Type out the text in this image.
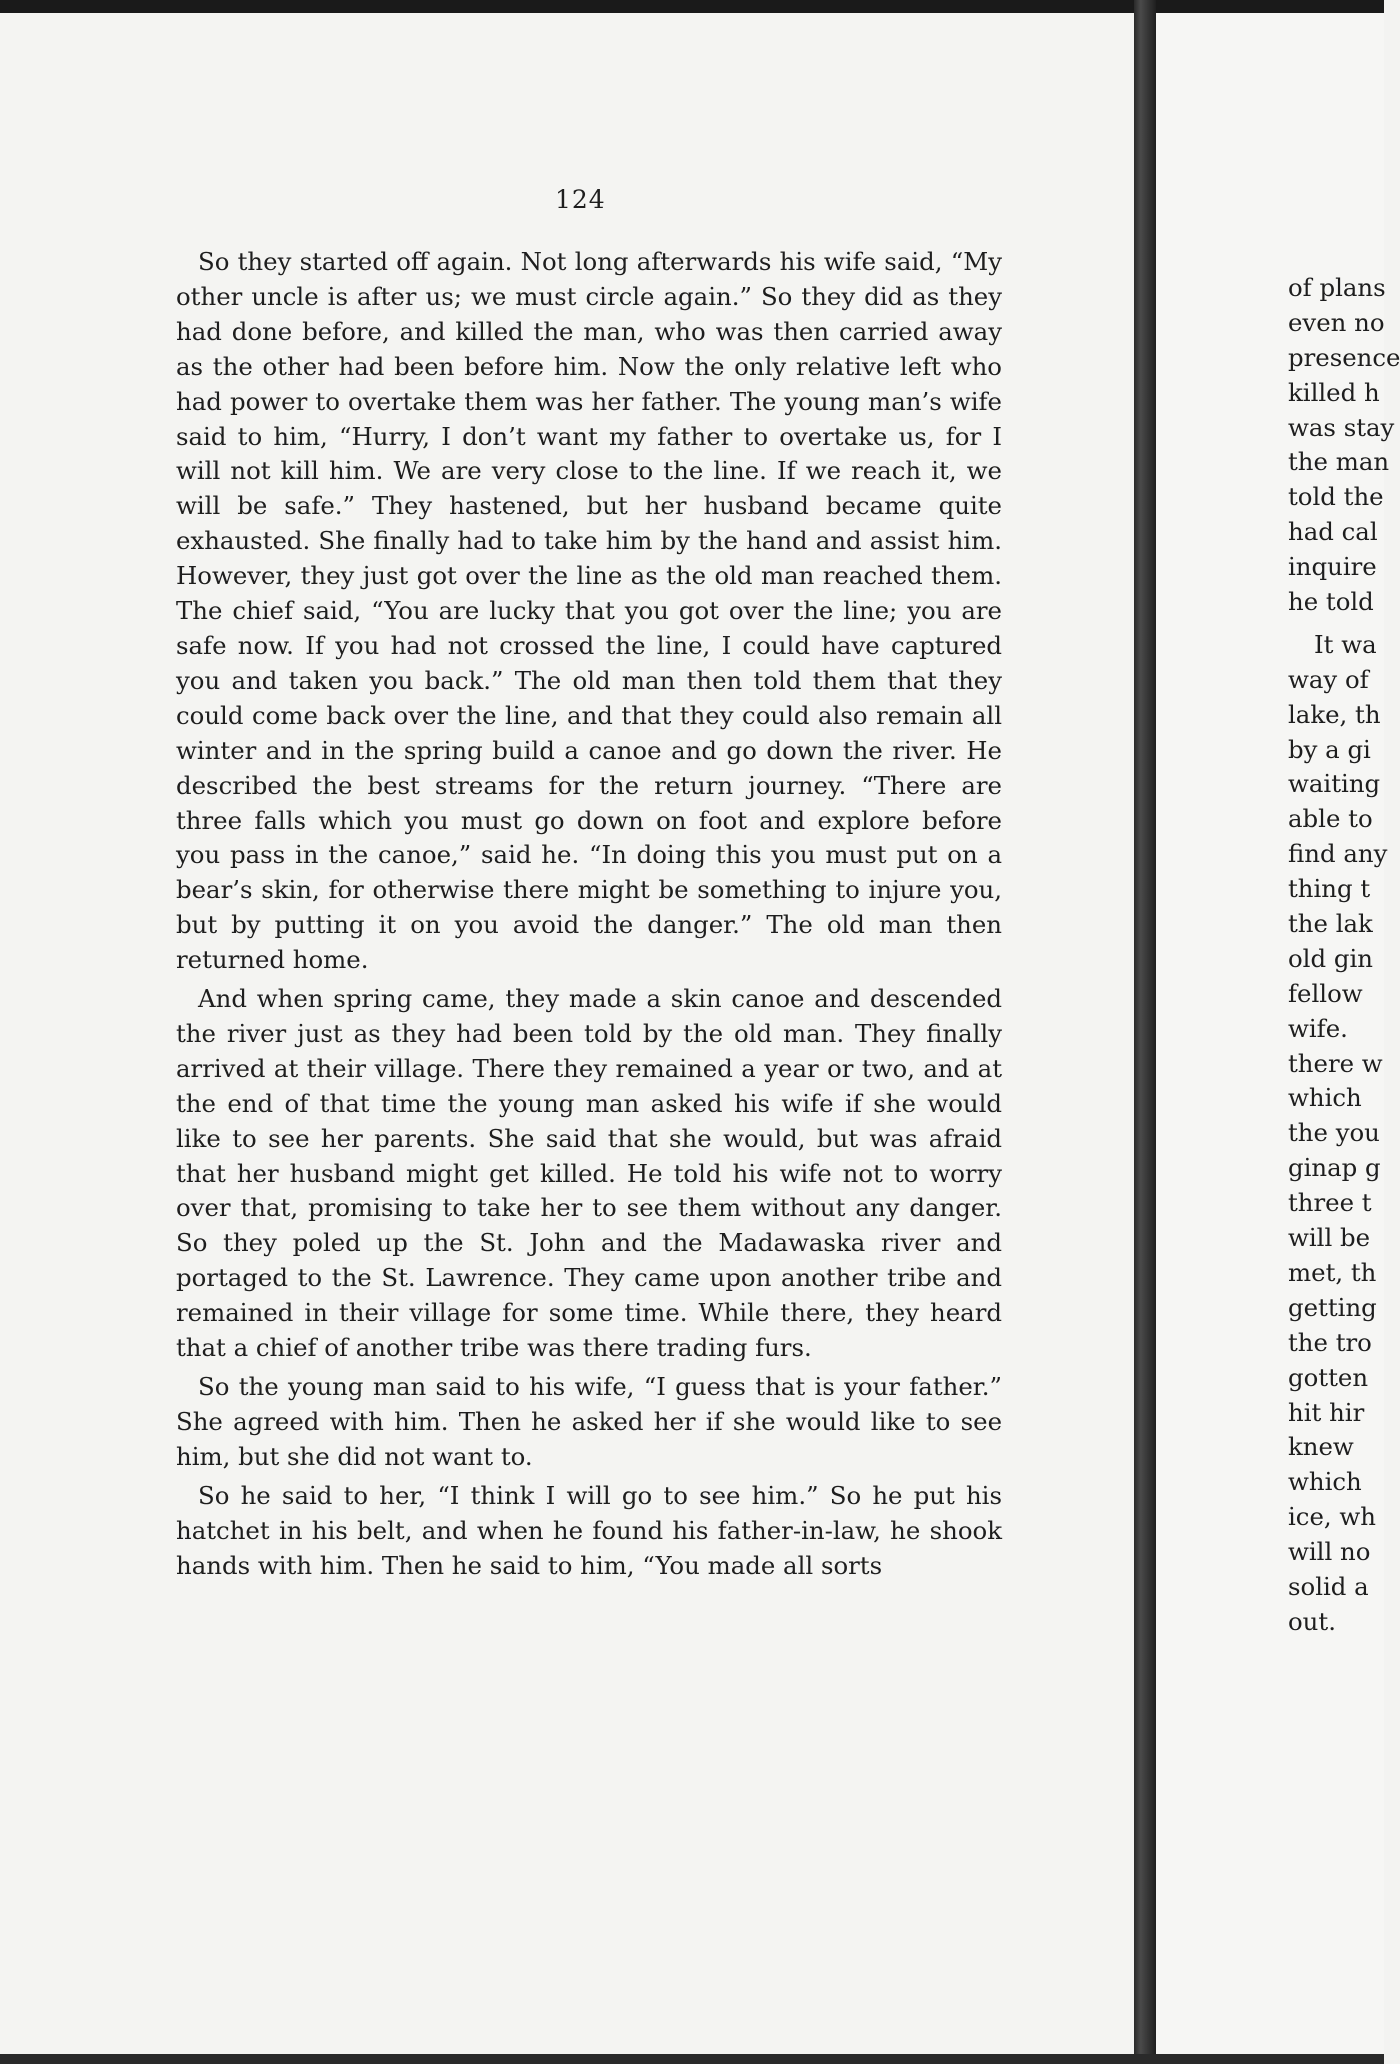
124

So they started off again. Not long afterwards his wife said, “My other uncle is after us; we must circle again.” So they did as they had done before, and killed the man, who was then carried away as the other had been before him. Now the only relative left who had power to overtake them was her father. The young man’s wife said to him, “Hurry, I don’t want my father to overtake us, for I will not kill him. We are very close to the line. If we reach it, we will be safe.” They hastened, but her husband became quite exhausted. She finally had to take him by the hand and assist him. However, they just got over the line as the old man reached them. The chief said, “You are lucky that you got over the line; you are safe now. If you had not crossed the line, I could have captured you and taken you back.” The old man then told them that they could come back over the line, and that they could also remain all winter and in the spring build a canoe and go down the river. He described the best streams for the return journey. “There are three falls which you must go down on foot and explore before you pass in the canoe,” said he. “In doing this you must put on a bear’s skin, for otherwise there might be something to injure you, but by putting it on you avoid the danger.” The old man then returned home.

And when spring came, they made a skin canoe and descended the river just as they had been told by the old man. They finally arrived at their village. There they remained a year or two, and at the end of that time the young man asked his wife if she would like to see her parents. She said that she would, but was afraid that her husband might get killed. He told his wife not to worry over that, promising to take her to see them without any danger. So they poled up the St. John and the Madawaska river and portaged to the St. Lawrence. They came upon another tribe and remained in their village for some time. While there, they heard that a chief of another tribe was there trading furs.

So the young man said to his wife, “I guess that is your father.” She agreed with him. Then he asked her if she would like to see him, but she did not want to.

So he said to her, “I think I will go to see him.” So he put his hatchet in his belt, and when he found his father-in-law, he shook hands with him. Then he said to him, “You made all sorts

of plans
even no
presence
killed h
was stay
the man
told the
had cal
inquire
he told
It wa
way of
lake, th
by a gi
waiting
able to
find any
thing t
the lak
old gin
fellow
wife.
there w
which
the you
ginap g
three t
will be
met, th
getting
the tro
gotten
hit hir
knew
which
ice, wh
will no
solid a
out.
